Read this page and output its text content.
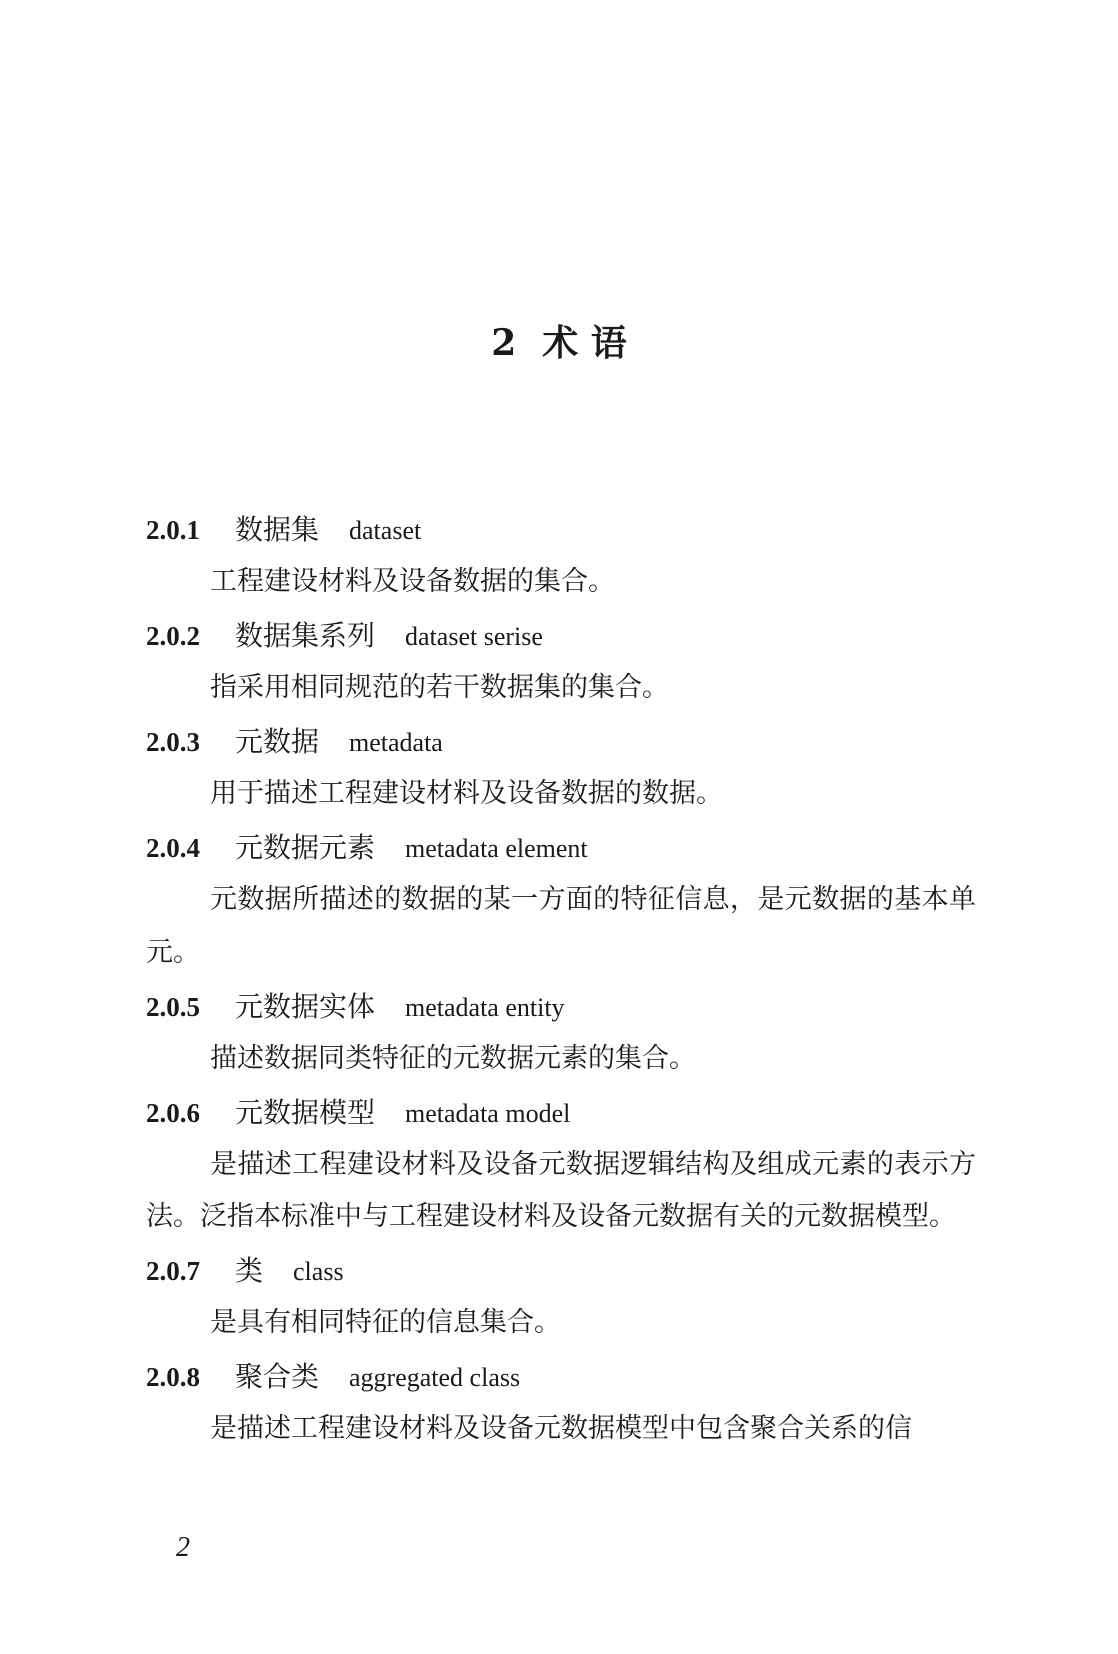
2 术 语
2.0.1	数据集 dataset
工程建设材料及设备数据的集合。
2.0.2	数据集系列 dataset serise
指采用相同规范的若干数据集的集合。
2.0.3	元数据 metadata
用于描述工程建设材料及设备数据的数据。
2.0.4	元数据元素 metadata element
元数据所描述的数据的某一方面的特征信息，是元数据的基本单元。
2.0.5	元数据实体 metadata entity
描述数据同类特征的元数据元素的集合。
2.0.6	元数据模型 metadata model
是描述工程建设材料及设备元数据逻辑结构及组成元素的表示方法。泛指本标准中与工程建设材料及设备元数据有关的元数据模型。
2.0.7	类 class
是具有相同特征的信息集合。
2.0.8	聚合类 aggregated class
是描述工程建设材料及设备元数据模型中包含聚合关系的信
2
